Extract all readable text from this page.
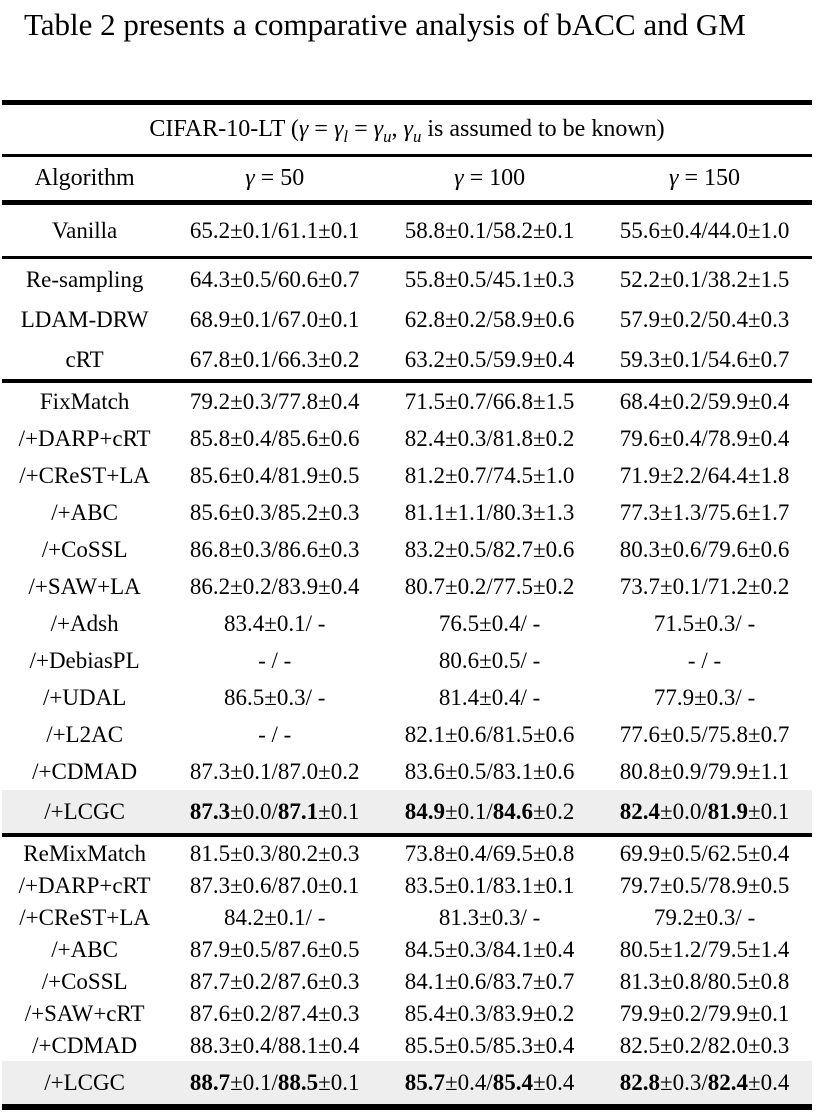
Table 2 presents a comparative analysis of bACC and GM
CIFAR-10-LT ($\gamma = \gamma_l = \gamma_u$, $\gamma_u$ is assumed to be known)			
Algorithm	γ = 50	γ = 100	γ = 150
Vanilla	65.2±0.1/61.1±0.1	58.8±0.1/58.2±0.1	55.6±0.4/44.0±1.0
Re-sampling	64.3±0.5/60.6±0.7	55.8±0.5/45.1±0.3	52.2±0.1/38.2±1.5
LDAM-DRW	68.9±0.1/67.0±0.1	62.8±0.2/58.9±0.6	57.9±0.2/50.4±0.3
cRT	67.8±0.1/66.3±0.2	63.2±0.5/59.9±0.4	59.3±0.1/54.6±0.7
FixMatch	79.2±0.3/77.8±0.4	71.5±0.7/66.8±1.5	68.4±0.2/59.9±0.4
/+DARP+cRT	85.8±0.4/85.6±0.6	82.4±0.3/81.8±0.2	79.6±0.4/78.9±0.4
/+CReST+LA	85.6±0.4/81.9±0.5	81.2±0.7/74.5±1.0	71.9±2.2/64.4±1.8
/+ABC	85.6±0.3/85.2±0.3	81.1±1.1/80.3±1.3	77.3±1.3/75.6±1.7
/+CoSSL	86.8±0.3/86.6±0.3	83.2±0.5/82.7±0.6	80.3±0.6/79.6±0.6
/+SAW+LA	86.2±0.2/83.9±0.4	80.7±0.2/77.5±0.2	73.7±0.1/71.2±0.2
/+Adsh	83.4±0.1/ -	76.5±0.4/ -	71.5±0.3/ -
/+DebiasPL	- / -	80.6±0.5/ -	- / -
/+UDAL	86.5±0.3/ -	81.4±0.4/ -	77.9±0.3/ -
/+L2AC	- / -	82.1±0.6/81.5±0.6	77.6±0.5/75.8±0.7
/+CDMAD	87.3±0.1/87.0±0.2	83.6±0.5/83.1±0.6	80.8±0.9/79.9±1.1
/+LCGC	87.3±0.0/87.1±0.1	84.9±0.1/84.6±0.2	82.4±0.0/81.9±0.1
ReMixMatch	81.5±0.3/80.2±0.3	73.8±0.4/69.5±0.8	69.9±0.5/62.5±0.4
/+DARP+cRT	87.3±0.6/87.0±0.1	83.5±0.1/83.1±0.1	79.7±0.5/78.9±0.5
/+CReST+LA	84.2±0.1/ -	81.3±0.3/ -	79.2±0.3/ -
/+ABC	87.9±0.5/87.6±0.5	84.5±0.3/84.1±0.4	80.5±1.2/79.5±1.4
/+CoSSL	87.7±0.2/87.6±0.3	84.1±0.6/83.7±0.7	81.3±0.8/80.5±0.8
/+SAW+cRT	87.6±0.2/87.4±0.3	85.4±0.3/83.9±0.2	79.9±0.2/79.9±0.1
/+CDMAD	88.3±0.4/88.1±0.4	85.5±0.5/85.3±0.4	82.5±0.2/82.0±0.3
/+LCGC	88.7±0.1/88.5±0.1	85.7±0.4/85.4±0.4	82.8±0.3/82.4±0.4
